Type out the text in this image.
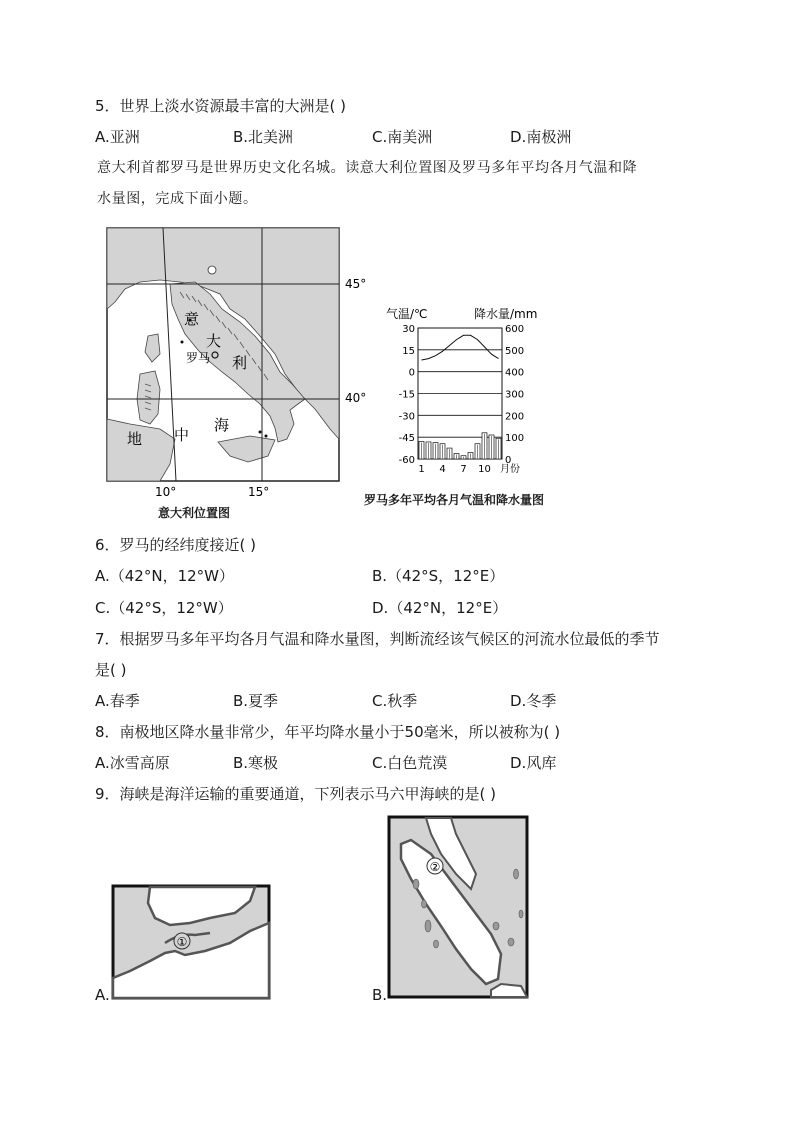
5．世界上淡水资源最丰富的大洲是( )
A.亚洲	B.北美洲	C.南美洲	D.南极洲
意大利首都罗马是世界历史文化名城。读意大利位置图及罗马多年平均各月气温和降
水量图，完成下面小题。
意
大
利
罗马
地 中
海
45°
40°
10°	15°
意大利位置图
气温/℃	降水量/mm
30
15
0
-15
-30
-45
-60
600
500
400
300
200
100
0
1 4 7 10 月份
罗马多年平均各月气温和降水量图
6．罗马的经纬度接近( )
A.（42°N，12°W）	B.（42°S，12°E）
C.（42°S，12°W）	D.（42°N，12°E）
7．根据罗马多年平均各月气温和降水量图，判断流经该气候区的河流水位最低的季节
是( )
A.春季	B.夏季	C.秋季	D.冬季
8．南极地区降水量非常少，年平均降水量小于50毫米，所以被称为( )
A.冰雪高原	B.寒极	C.白色荒漠	D.风库
9．海峡是海洋运输的重要通道，下列表示马六甲海峡的是( )
A.
①
B.
②
